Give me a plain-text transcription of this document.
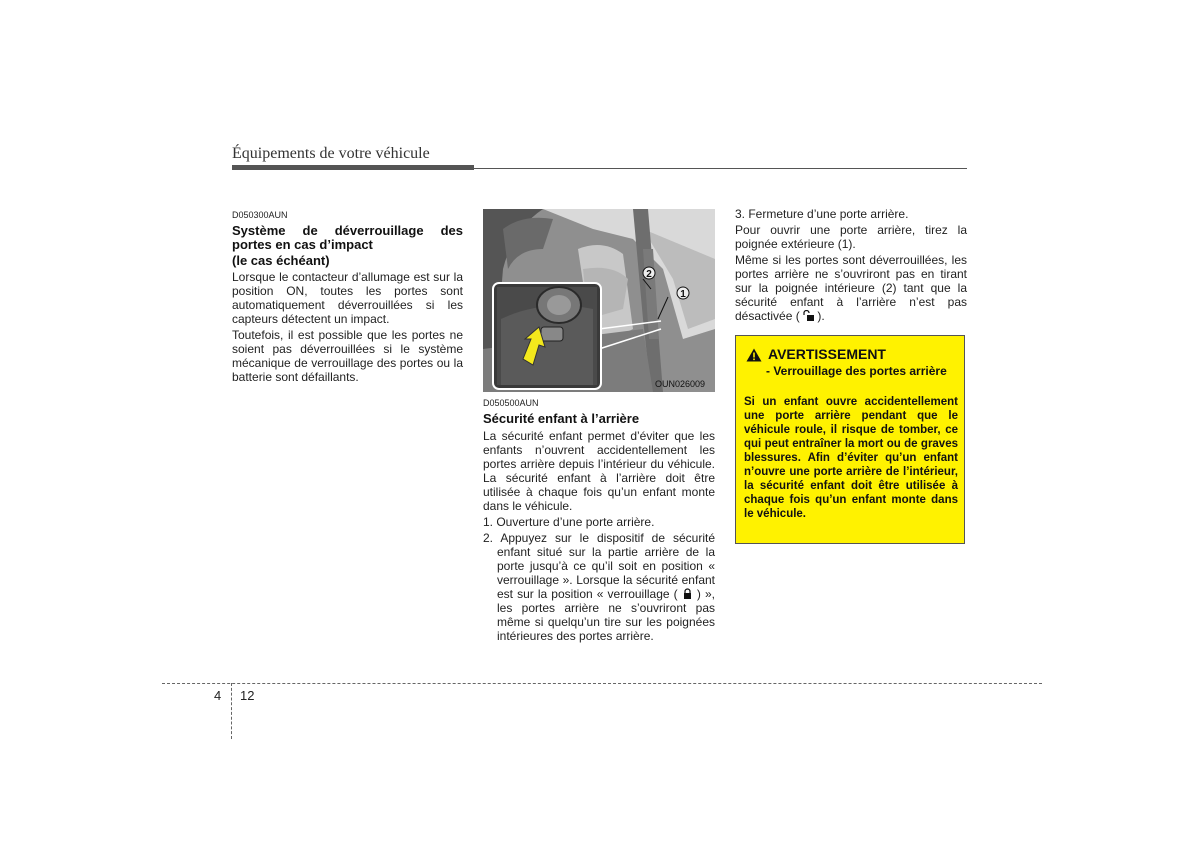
Équipements de votre véhicule
D050300AUN
Système de déverrouillage des
portes en cas d’impact
(le cas échéant)

Lorsque le contacteur d’allumage est sur la position ON, toutes les portes sont automatiquement déverrouillées si les capteurs détectent un impact.

Toutefois, il est possible que les portes ne soient pas déverrouillées si le système mécanique de verrouillage des portes ou la batterie sont défaillants.

2
1
OUN026009
D050500AUN
Sécurité enfant à l’arrière

La sécurité enfant permet d’éviter que les enfants n’ouvrent accidentellement les portes arrière depuis l’intérieur du véhicule. La sécurité enfant à l’arrière doit être utilisée à chaque fois qu’un enfant monte dans le véhicule.

1. Ouverture d’une porte arrière.

2. Appuyez sur le dispositif de sécurité enfant situé sur la partie arrière de la porte jusqu’à ce qu’il soit en position « verrouillage ». Lorsque la sécurité enfant est sur la position « verrouillage ( ) », les portes arrière ne s’ouvriront pas même si quelqu’un tire sur les poignées intérieures des portes arrière.

3. Fermeture d’une porte arrière.

Pour ouvrir une porte arrière, tirez la poignée extérieure (1).

Même si les portes sont déverrouillées, les portes arrière ne s’ouvriront pas en tirant sur la poignée intérieure (2) tant que la sécurité enfant à l’arrière n’est pas désactivée ( ).

AVERTISSEMENT
- Verrouillage des portes arrière
Si un enfant ouvre accidentellement une porte arrière pendant que le véhicule roule, il risque de tomber, ce qui peut entraîner la mort ou de graves blessures. Afin d’éviter qu’un enfant n’ouvre une porte arrière de l’intérieur, la sécurité enfant doit être utilisée à chaque fois qu’un enfant monte dans le véhicule.
4 12
